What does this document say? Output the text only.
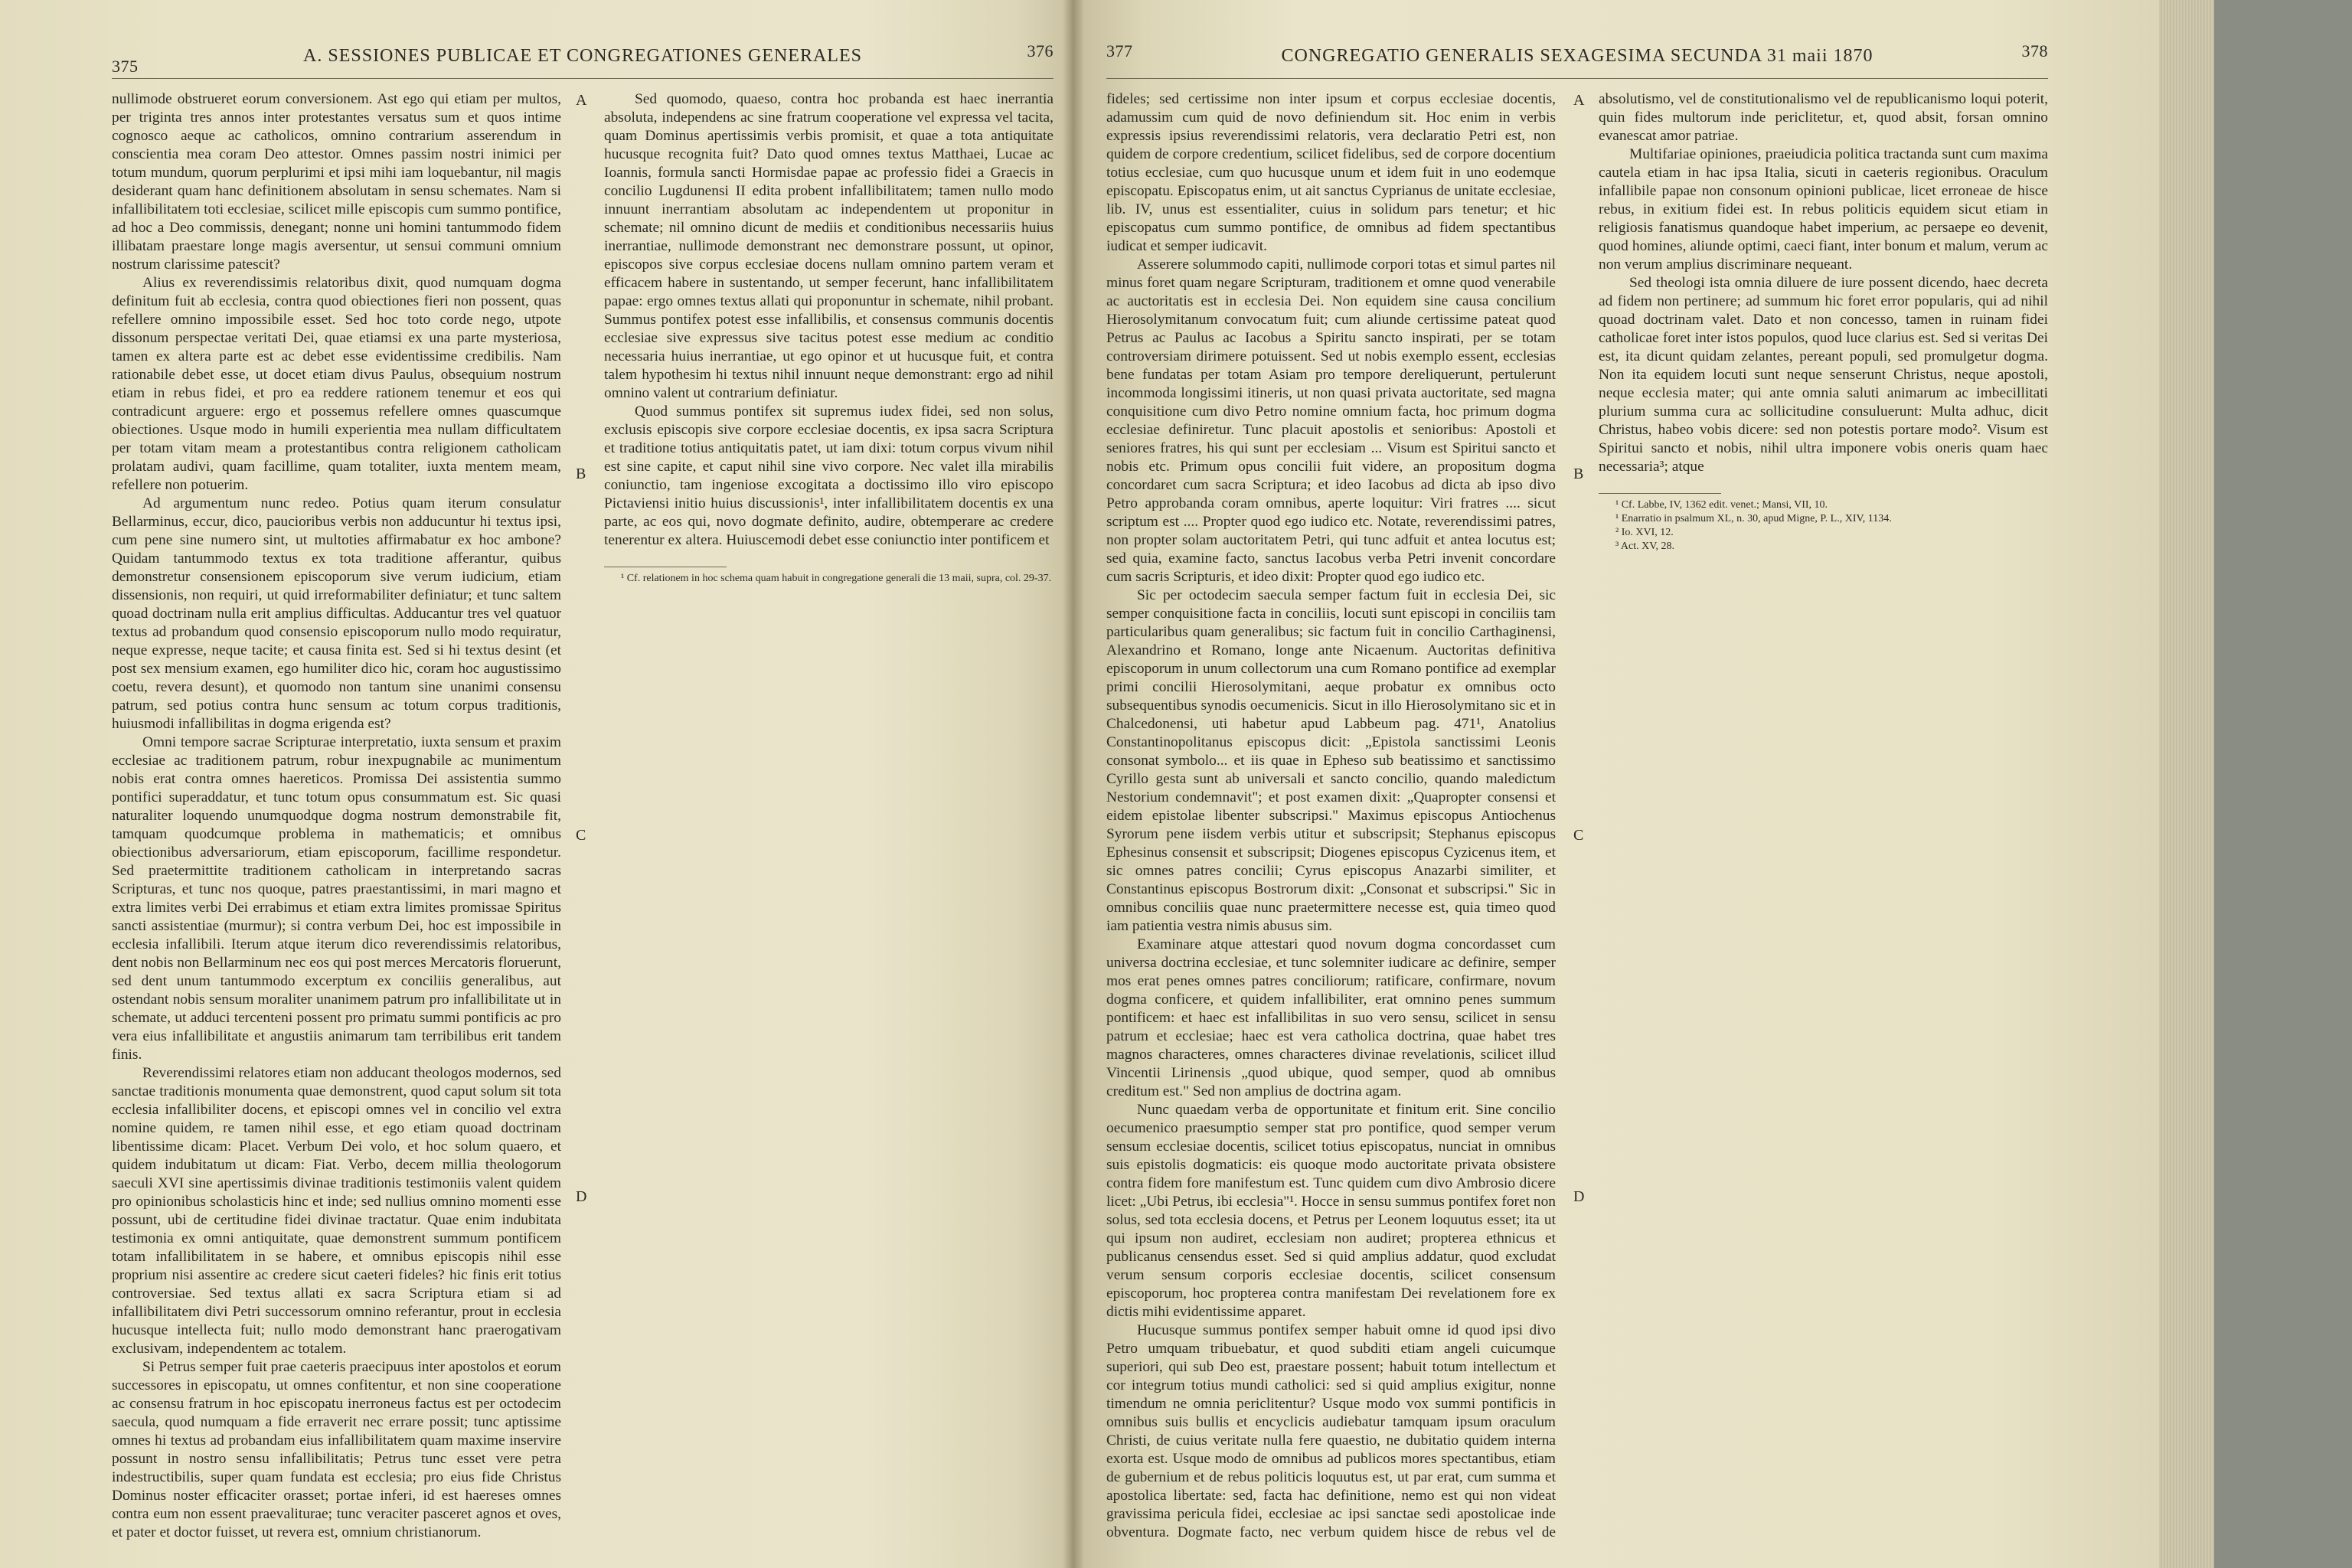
375
A. SESSIONES PUBLICAE ET CONGREGATIONES GENERALES	376

nullimode obstrueret eorum conversionem. Ast ego qui etiam per multos, per triginta tres annos inter protestantes versatus sum et quos intime cognosco aeque ac catholicos, omnino contrarium asserendum in conscientia mea coram Deo attestor. Omnes passim nostri inimici per totum mundum, quorum perplurimi et ipsi mihi iam loquebantur, nil magis desiderant quam hanc definitionem absolutam in sensu schemates. Nam si infallibilitatem toti ecclesiae, scilicet mille episcopis cum summo pontifice, ad hoc a Deo commissis, denegant; nonne uni homini tantummodo fidem illibatam praestare longe magis aversentur, ut sensui communi omnium nostrum clarissime patescit?

Alius ex reverendissimis relatoribus dixit, quod numquam dogma definitum fuit ab ecclesia, contra quod obiectiones fieri non possent, quas refellere omnino impossibile esset. Sed hoc toto corde nego, utpote dissonum perspectae veritati Dei, quae etiamsi ex una parte mysteriosa, tamen ex altera parte est ac debet esse evidentissime credibilis. Nam rationabile debet esse, ut docet etiam divus Paulus, obsequium nostrum etiam in rebus fidei, et pro ea reddere rationem tenemur et eos qui contradicunt arguere: ergo et possemus refellere omnes quascumque obiectiones. Usque modo in humili experientia mea nullam difficultatem per totam vitam meam a protestantibus contra religionem catholicam prolatam audivi, quam facillime, quam totaliter, iuxta mentem meam, refellere non potuerim.

Ad argumentum nunc redeo. Potius quam iterum consulatur Bellarminus, eccur, dico, paucioribus verbis non adducuntur hi textus ipsi, cum pene sine numero sint, ut multoties affirmabatur ex hoc ambone? Quidam tantummodo textus ex tota traditione afferantur, quibus demonstretur consensionem episcoporum sive verum iudicium, etiam dissensionis, non requiri, ut quid irreformabiliter definiatur; et tunc saltem quoad doctrinam nulla erit amplius difficultas. Adducantur tres vel quatuor textus ad probandum quod consensio episcoporum nullo modo requiratur, neque expresse, neque tacite; et causa finita est. Sed si hi textus desint (et post sex mensium examen, ego humiliter dico hic, coram hoc augustissimo coetu, revera desunt), et quomodo non tantum sine unanimi consensu patrum, sed potius contra hunc sensum ac totum corpus traditionis, huiusmodi infallibilitas in dogma erigenda est?

Omni tempore sacrae Scripturae interpretatio, iuxta sensum et praxim ecclesiae ac traditionem patrum, robur inexpugnabile ac munimentum nobis erat contra omnes haereticos. Promissa Dei assistentia summo pontifici superaddatur, et tunc totum opus consummatum est. Sic quasi naturaliter loquendo unumquodque dogma nostrum demonstrabile fit, tamquam quodcumque problema in mathematicis; et omnibus obiectionibus adversariorum, etiam episcoporum, facillime respondetur. Sed praetermittite traditionem catholicam in interpretando sacras Scripturas, et tunc nos quoque, patres praestantissimi, in mari magno et extra limites verbi Dei errabimus et etiam extra limites promissae Spiritus sancti assistentiae (murmur); si contra verbum Dei, hoc est impossibile in ecclesia infallibili. Iterum atque iterum dico reverendissimis relatoribus, dent nobis non Bellarminum nec eos qui post merces Mercatoris floruerunt, sed dent unum tantummodo excerptum ex conciliis generalibus, aut ostendant nobis sensum moraliter unanimem patrum pro infallibilitate ut in schemate, ut adduci tercenteni possent pro primatu summi pontificis ac pro vera eius infallibilitate et angustiis animarum tam terribilibus erit tandem finis.

Reverendissimi relatores etiam non adducant theologos modernos, sed sanctae traditionis monumenta quae demonstrent, quod caput solum sit tota ecclesia infallibiliter docens, et episcopi omnes vel in concilio vel extra nomine quidem, re tamen nihil esse, et ego etiam quoad doctrinam libentissime dicam: Placet. Verbum Dei volo, et hoc solum quaero, et quidem indubitatum ut dicam: Fiat. Verbo, decem millia theologorum saeculi XVI sine apertissimis divinae traditionis testimoniis valent quidem pro opinionibus scholasticis hinc et inde; sed nullius omnino momenti esse possunt, ubi de certitudine fidei divinae tractatur. Quae enim indubitata testimonia ex omni antiquitate, quae demonstrent summum pontificem totam infallibilitatem in se habere, et omnibus episcopis nihil esse proprium nisi assentire ac credere sicut caeteri fideles? hic finis erit totius controversiae. Sed textus allati ex sacra Scriptura etiam si ad infallibilitatem divi Petri successorum omnino referantur, prout in ecclesia hucusque intellecta fuit; nullo modo demonstrant hanc praerogativam exclusivam, independentem ac totalem.

Si Petrus semper fuit prae caeteris praecipuus inter apostolos et eorum successores in episcopatu, ut omnes confitentur, et non sine cooperatione ac consensu fratrum in hoc episcopatu inerroneus factus est per octodecim saecula, quod numquam a fide erraverit nec errare possit; tunc aptissime omnes hi textus ad probandam eius infallibilitatem quam maxime inservire possunt in nostro sensu infallibilitatis; Petrus tunc esset vere petra indestructibilis, super quam fundata est ecclesia; pro eius fide Christus Dominus noster efficaciter orasset; portae inferi, id est haereses omnes contra eum non essent praevaliturae; tunc veraciter pasceret agnos et oves, et pater et doctor fuisset, ut revera est, omnium christianorum.

Sed quomodo, quaeso, contra hoc probanda est haec inerrantia absoluta, independens ac sine fratrum cooperatione vel expressa vel tacita, quam Dominus apertissimis verbis promisit, et quae a tota antiquitate hucusque recognita fuit? Dato quod omnes textus Matthaei, Lucae ac Ioannis, formula sancti Hormisdae papae ac professio fidei a Graecis in concilio Lugdunensi II edita probent infallibilitatem; tamen nullo modo innuunt inerrantiam absolutam ac independentem ut proponitur in schemate; nil omnino dicunt de mediis et conditionibus necessariis huius inerrantiae, nullimode demonstrant nec demonstrare possunt, ut opinor, episcopos sive corpus ecclesiae docens nullam omnino partem veram et efficacem habere in sustentando, ut semper fecerunt, hanc infallibilitatem papae: ergo omnes textus allati qui proponuntur in schemate, nihil probant. Summus pontifex potest esse infallibilis, et consensus communis docentis ecclesiae sive expressus sive tacitus potest esse medium ac conditio necessaria huius inerrantiae, ut ego opinor et ut hucusque fuit, et contra talem hypothesim hi textus nihil innuunt neque demonstrant: ergo ad nihil omnino valent ut contrarium definiatur.

Quod summus pontifex sit supremus iudex fidei, sed non solus, exclusis episcopis sive corpore ecclesiae docentis, ex ipsa sacra Scriptura et traditione totius antiquitatis patet, ut iam dixi: totum corpus vivum nihil est sine capite, et caput nihil sine vivo corpore. Nec valet illa mirabilis coniunctio, tam ingeniose excogitata a doctissimo illo viro episcopo Pictaviensi initio huius discussionis¹, inter infallibilitatem docentis ex una parte, ac eos qui, novo dogmate definito, audire, obtemperare ac credere tenerentur ex altera. Huiuscemodi debet esse coniunctio inter pontificem et

¹ Cf. relationem in hoc schema quam habuit in congregatione generali die 13 maii, supra, col. 29-37.
A
B
C
D
377	CONGREGATIO GENERALIS SEXAGESIMA SECUNDA 31 maii 1870	378

fideles; sed certissime non inter ipsum et corpus ecclesiae docentis, adamussim cum quid de novo definiendum sit. Hoc enim in verbis expressis ipsius reverendissimi relatoris, vera declaratio Petri est, non quidem de corpore credentium, scilicet fidelibus, sed de corpore docentium totius ecclesiae, cum quo hucusque unum et idem fuit in uno eodemque episcopatu. Episcopatus enim, ut ait sanctus Cyprianus de unitate ecclesiae, lib. IV, unus est essentialiter, cuius in solidum pars tenetur; et hic episcopatus cum summo pontifice, de omnibus ad fidem spectantibus iudicat et semper iudicavit.

Asserere solummodo capiti, nullimode corpori totas et simul partes nil minus foret quam negare Scripturam, traditionem et omne quod venerabile ac auctoritatis est in ecclesia Dei. Non equidem sine causa concilium Hierosolymitanum convocatum fuit; cum aliunde certissime pateat quod Petrus ac Paulus ac Iacobus a Spiritu sancto inspirati, per se totam controversiam dirimere potuissent. Sed ut nobis exemplo essent, ecclesias bene fundatas per totam Asiam pro tempore dereliquerunt, pertulerunt incommoda longissimi itineris, ut non quasi privata auctoritate, sed magna conquisitione cum divo Petro nomine omnium facta, hoc primum dogma ecclesiae definiretur. Tunc placuit apostolis et senioribus: Apostoli et seniores fratres, his qui sunt per ecclesiam ... Visum est Spiritui sancto et nobis etc. Primum opus concilii fuit videre, an propositum dogma concordaret cum sacra Scriptura; et ideo Iacobus ad dicta ab ipso divo Petro approbanda coram omnibus, aperte loquitur: Viri fratres .... sicut scriptum est .... Propter quod ego iudico etc. Notate, reverendissimi patres, non propter solam auctoritatem Petri, qui tunc adfuit et antea locutus est; sed quia, examine facto, sanctus Iacobus verba Petri invenit concordare cum sacris Scripturis, et ideo dixit: Propter quod ego iudico etc.

Sic per octodecim saecula semper factum fuit in ecclesia Dei, sic semper conquisitione facta in conciliis, locuti sunt episcopi in conciliis tam particularibus quam generalibus; sic factum fuit in concilio Carthaginensi, Alexandrino et Romano, longe ante Nicaenum. Auctoritas definitiva episcoporum in unum collectorum una cum Romano pontifice ad exemplar primi concilii Hierosolymitani, aeque probatur ex omnibus octo subsequentibus synodis oecumenicis. Sicut in illo Hierosolymitano sic et in Chalcedonensi, uti habetur apud Labbeum pag. 471¹, Anatolius Constantinopolitanus episcopus dicit: „Epistola sanctissimi Leonis consonat symbolo... et iis quae in Epheso sub beatissimo et sanctissimo Cyrillo gesta sunt ab universali et sancto concilio, quando maledictum Nestorium condemnavit"; et post examen dixit: „Quapropter consensi et eidem epistolae libenter subscripsi." Maximus episcopus Antiochenus Syrorum pene iisdem verbis utitur et subscripsit; Stephanus episcopus Ephesinus consensit et subscripsit; Diogenes episcopus Cyzicenus item, et sic omnes patres concilii; Cyrus episcopus Anazarbi similiter, et Constantinus episcopus Bostrorum dixit: „Consonat et subscripsi." Sic in omnibus conciliis quae nunc praetermittere necesse est, quia timeo quod iam patientia vestra nimis abusus sim.

Examinare atque attestari quod novum dogma concordasset cum universa doctrina ecclesiae, et tunc solemniter iudicare ac definire, semper mos erat penes omnes patres conciliorum; ratificare, confirmare, novum dogma conficere, et quidem infallibiliter, erat omnino penes summum pontificem: et haec est infallibilitas in suo vero sensu, scilicet in sensu patrum et ecclesiae; haec est vera catholica doctrina, quae habet tres magnos characteres, omnes characteres divinae revelationis, scilicet illud Vincentii Lirinensis „quod ubique, quod semper, quod ab omnibus creditum est." Sed non amplius de doctrina agam.

Nunc quaedam verba de opportunitate et finitum erit. Sine concilio oecumenico praesumptio semper stat pro pontifice, quod semper verum sensum ecclesiae docentis, scilicet totius episcopatus, nunciat in omnibus suis epistolis dogmaticis: eis quoque modo auctoritate privata obsistere contra fidem fore manifestum est. Tunc quidem cum divo Ambrosio dicere licet: „Ubi Petrus, ibi ecclesia"¹. Hocce in sensu summus pontifex foret non solus, sed tota ecclesia docens, et Petrus per Leonem loquutus esset; ita ut qui ipsum non audiret, ecclesiam non audiret; propterea ethnicus et publicanus censendus esset. Sed si quid amplius addatur, quod excludat verum sensum corporis ecclesiae docentis, scilicet consensum episcoporum, hoc propterea contra manifestam Dei revelationem fore ex dictis mihi evidentissime apparet.

Hucusque summus pontifex semper habuit omne id quod ipsi divo Petro umquam tribuebatur, et quod subditi etiam angeli cuicumque superiori, qui sub Deo est, praestare possent; habuit totum intellectum et cor integrum totius mundi catholici: sed si quid amplius exigitur, nonne timendum ne omnia periclitentur? Usque modo vox summi pontificis in omnibus suis bullis et encyclicis audiebatur tamquam ipsum oraculum Christi, de cuius veritate nulla fere quaestio, ne dubitatio quidem interna exorta est. Usque modo de omnibus ad publicos mores spectantibus, etiam de gubernium et de rebus politicis loquutus est, ut par erat, cum summa et apostolica libertate: sed, facta hac definitione, nemo est qui non videat gravissima pericula fidei, ecclesiae ac ipsi sanctae sedi apostolicae inde obventura. Dogmate facto, nec verbum quidem hisce de rebus vel de absolutismo, vel de constitutionalismo vel de republicanismo loqui poterit, quin fides multorum inde periclitetur, et, quod absit, forsan omnino evanescat amor patriae.

Multifariae opiniones, praeiudicia politica tractanda sunt cum maxima cautela etiam in hac ipsa Italia, sicuti in caeteris regionibus. Oraculum infallibile papae non consonum opinioni publicae, licet erroneae de hisce rebus, in exitium fidei est. In rebus politicis equidem sicut etiam in religiosis fanatismus quandoque habet imperium, ac persaepe eo devenit, quod homines, aliunde optimi, caeci fiant, inter bonum et malum, verum ac non verum amplius discriminare nequeant.

Sed theologi ista omnia diluere de iure possent dicendo, haec decreta ad fidem non pertinere; ad summum hic foret error popularis, qui ad nihil quoad doctrinam valet. Dato et non concesso, tamen in ruinam fidei catholicae foret inter istos populos, quod luce clarius est. Sed si veritas Dei est, ita dicunt quidam zelantes, pereant populi, sed promulgetur dogma. Non ita equidem locuti sunt neque senserunt Christus, neque apostoli, neque ecclesia mater; qui ante omnia saluti animarum ac imbecillitati plurium summa cura ac sollicitudine consuluerunt: Multa adhuc, dicit Christus, habeo vobis dicere: sed non potestis portare modo². Visum est Spiritui sancto et nobis, nihil ultra imponere vobis oneris quam haec necessaria³; atque

¹ Cf. Labbe, IV, 1362 edit. venet.; Mansi, VII, 10.
¹ Enarratio in psalmum XL, n. 30, apud Migne, P. L., XIV, 1134.
² Io. XVI, 12.
³ Act. XV, 28.
A
B
C
D
